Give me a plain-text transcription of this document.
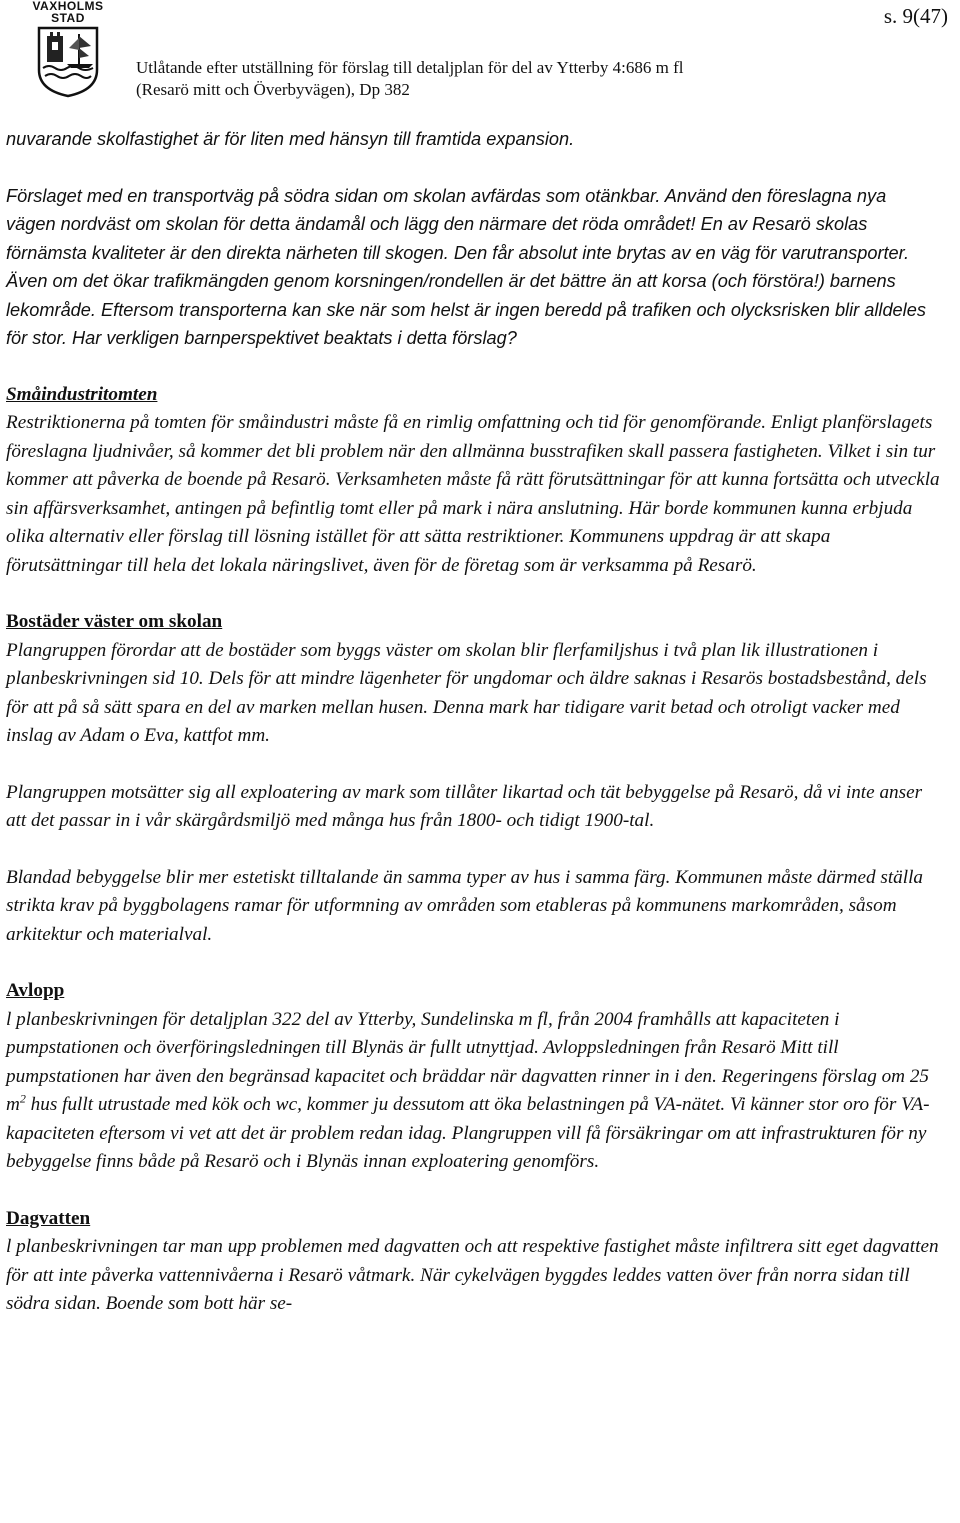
VAXHOLMS
STAD	s. 9(47)
Utlåtande efter utställning för förslag till detaljplan för del av Ytterby 4:686 m fl
(Resarö mitt och Överbyvägen), Dp 382

nuvarande skolfastighet är för liten med hänsyn till framtida expansion.

Förslaget med en transportväg på södra sidan om skolan avfärdas som otänkbar. Använd den föreslagna nya vägen nordväst om skolan för detta ändamål och lägg den närmare det röda området! En av Resarö skolas förnämsta kvaliteter är den direkta närheten till skogen. Den får absolut inte brytas av en väg för varutransporter. Även om det ökar trafikmängden genom korsningen/rondellen är det bättre än att korsa (och förstöra!) barnens lekområde. Eftersom transporterna kan ske när som helst är ingen beredd på trafiken och olycksrisken blir alldeles för stor. Har verkligen barnperspektivet beaktats i detta förslag?

Småindustritomten

Restriktionerna på tomten för småindustri måste få en rimlig omfattning och tid för genomförande. Enligt planförslagets föreslagna ljudnivåer, så kommer det bli problem när den allmänna busstrafiken skall passera fastigheten. Vilket i sin tur kommer att påverka de boende på Resarö. Verksamheten måste få rätt förutsättningar för att kunna fortsätta och utveckla sin affärsverksamhet, antingen på befintlig tomt eller på mark i nära anslutning. Här borde kommunen kunna erbjuda olika alternativ eller förslag till lösning istället för att sätta restriktioner. Kommunens uppdrag är att skapa förutsättningar till hela det lokala näringslivet, även för de företag som är verksamma på Resarö.

Bostäder väster om skolan

Plangruppen förordar att de bostäder som byggs väster om skolan blir flerfamiljshus i två plan lik illustrationen i planbeskrivningen sid 10. Dels för att mindre lägenheter för ungdomar och äldre saknas i Resarös bostadsbestånd, dels för att på så sätt spara en del av marken mellan husen. Denna mark har tidigare varit betad och otroligt vacker med inslag av Adam o Eva, kattfot mm.

Plangruppen motsätter sig all exploatering av mark som tillåter likartad och tät bebyggelse på Resarö, då vi inte anser att det passar in i vår skärgårdsmiljö med många hus från 1800- och tidigt 1900-tal.

Blandad bebyggelse blir mer estetiskt tilltalande än samma typer av hus i samma färg. Kommunen måste därmed ställa strikta krav på byggbolagens ramar för utformning av områden som etableras på kommunens markområden, såsom arkitektur och materialval.

Avlopp

l planbeskrivningen för detaljplan 322 del av Ytterby, Sundelinska m fl, från 2004 framhålls att kapaciteten i pumpstationen och överföringsledningen till Blynäs är fullt utnyttjad. Avloppsledningen från Resarö Mitt till pumpstationen har även den begränsad kapacitet och bräddar när dagvatten rinner in i den. Regeringens förslag om 25 $m^2$ hus fullt utrustade med kök och wc, kommer ju dessutom att öka belastningen på VA-nätet. Vi känner stor oro för VA-kapaciteten eftersom vi vet att det är problem redan idag. Plangruppen vill få försäkringar om att infrastrukturen för ny bebyggelse finns både på Resarö och i Blynäs innan exploatering genomförs.

Dagvatten

l planbeskrivningen tar man upp problemen med dagvatten och att respektive fastighet måste infiltrera sitt eget dagvatten för att inte påverka vattennivåerna i Resarö våtmark. När cykelvägen byggdes leddes vatten över från norra sidan till södra sidan. Boende som bott här se-
